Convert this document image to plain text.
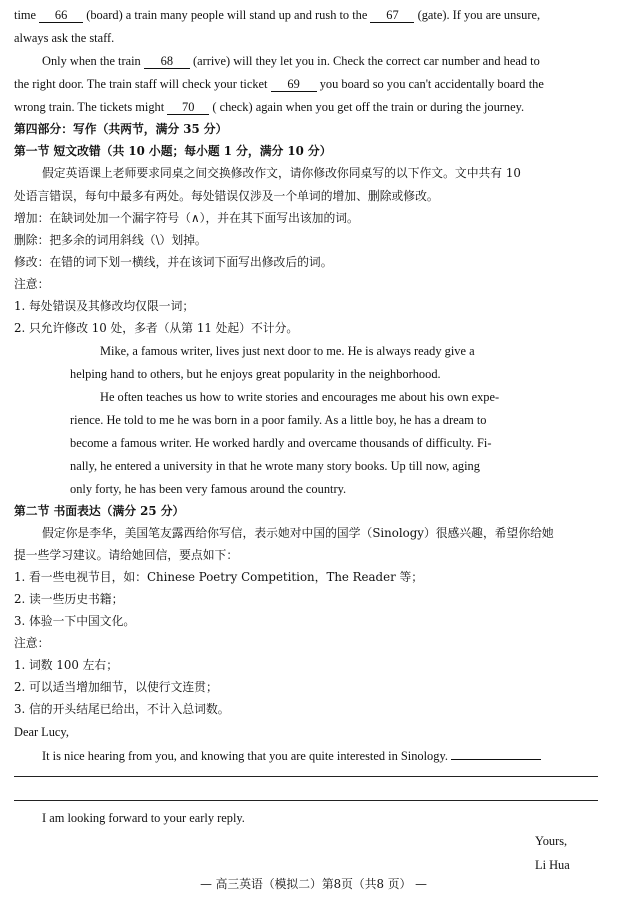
time 66 (board) a train many people will stand up and rush to the 67 (gate). If you are unsure,
always ask the staff.
Only when the train 68 (arrive) will they let you in. Check the correct car number and head to
the right door. The train staff will check your ticket 69 you board so you can't accidentally board the
wrong train. The tickets might 70 ( check) again when you get off the train or during the journey.
第四部分：写作（共两节，满分 35 分）
第一节 短文改错（共 10 小题；每小题 1 分，满分 10 分）
假定英语课上老师要求同桌之间交换修改作文，请你修改你同桌写的以下作文。文中共有 10
处语言错误，每句中最多有两处。每处错误仅涉及一个单词的增加、删除或修改。
增加：在缺词处加一个漏字符号（∧），并在其下面写出该加的词。
删除：把多余的词用斜线（\）划掉。
修改：在错的词下划一横线，并在该词下面写出修改后的词。
注意：
1. 每处错误及其修改均仅限一词；
2. 只允许修改 10 处，多者（从第 11 处起）不计分。
Mike, a famous writer, lives just next door to me. He is always ready give a
helping hand to others, but he enjoys great popularity in the neighborhood.
He often teaches us how to write stories and encourages me about his own expe-
rience. He told to me he was born in a poor family. As a little boy, he has a dream to
become a famous writer. He worked hardly and overcame thousands of difficulty. Fi-
nally, he entered a university in that he wrote many story books. Up till now, aging
only forty, he has been very famous around the country.
第二节 书面表达（满分 25 分）
假定你是李华，美国笔友露西给你写信，表示她对中国的国学（Sinology）很感兴趣，希望你给她
提一些学习建议。请给她回信，要点如下：
1. 看一些电视节目，如：Chinese Poetry Competition，The Reader 等；
2. 读一些历史书籍；
3. 体验一下中国文化。
注意：
1. 词数 100 左右；
2. 可以适当增加细节，以使行文连贯；
3. 信的开头结尾已给出，不计入总词数。
Dear Lucy,
It is nice hearing from you, and knowing that you are quite interested in Sinology.
I am looking forward to your early reply.
Yours,
Li Hua
— 高三英语（模拟二）第8页（共8 页） —
